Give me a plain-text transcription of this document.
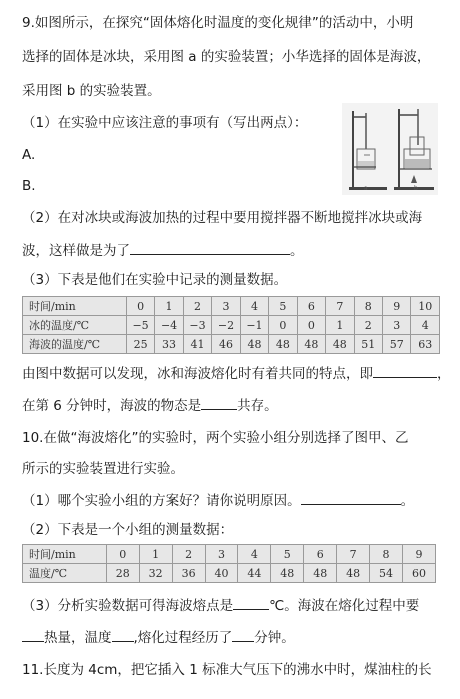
9.如图所示，在探究“固体熔化时温度的变化规律”的活动中，小明
选择的固体是冰块，采用图 a 的实验装置；小华选择的固体是海波，
采用图 b 的实验装置。
（1）在实验中应该注意的事项有（写出两点）：
A.
B.	a	b
（2）在对冰块或海波加热的过程中要用搅拌器不断地搅拌冰块或海
波，这样做是为了	。
（3）下表是他们在实验中记录的测量数据。
时间/min	0	1	2	3	4	5	6	7	8	9	10
冰的温度/℃	−5	−4	−3	−2	−1	0	0	1	2	3	4
海波的温度/℃	25	33	41	46	48	48	48	48	51	57	63
由图中数据可以发现，冰和海波熔化时有着共同的特点，即	，
在第 6 分钟时，海波的物态是	共存。
10.在做“海波熔化”的实验时，两个实验小组分别选择了图甲、乙
所示的实验装置进行实验。
（1）哪个实验小组的方案好？请你说明原因。	。
（2）下表是一个小组的测量数据：
时间/min	0	1	2	3	4	5	6	7	8	9
温度/℃	28	32	36	40	44	48	48	48	54	60
（3）分析实验数据可得海波熔点是	℃。海波在熔化过程中要
热量，温度 ,熔化过程经历了 分钟。
11.长度为 4cm，把它插入 1 标准大气压下的沸水中时，煤油柱的长
